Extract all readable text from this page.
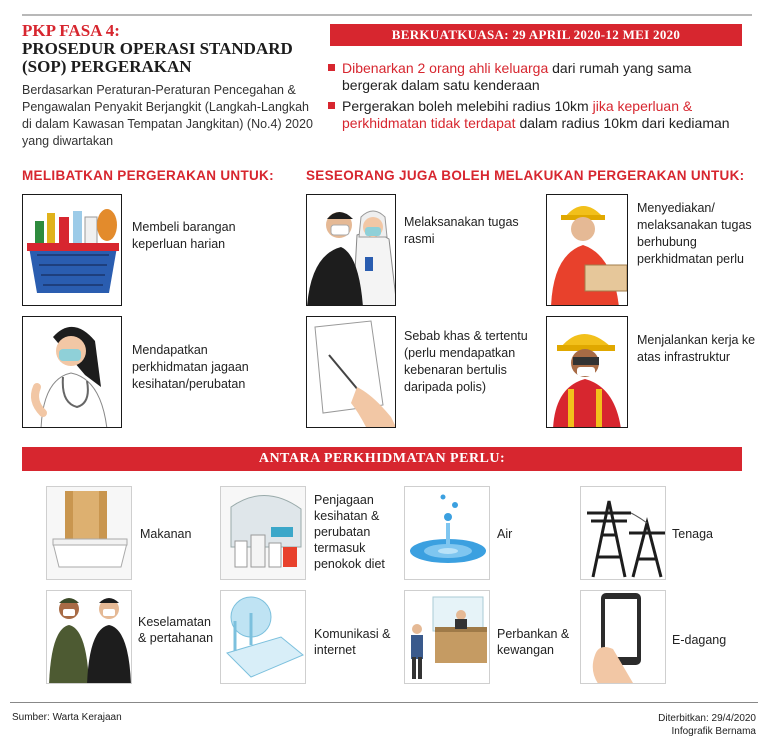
PKP FASA 4:
PROSEDUR OPERASI STANDARD
(SOP) PERGERAKAN
Berdasarkan Peraturan-Peraturan Pencegahan & Pengawalan Penyakit Berjangkit (Langkah-Langkah di dalam Kawasan Tempatan Jangkitan) (No.4) 2020 yang diwartakan
BERKUATKUASA: 29 APRIL 2020-12 MEI 2020
Dibenarkan 2 orang ahli keluarga dari rumah yang sama bergerak dalam satu kenderaan
Pergerakan boleh melebihi radius 10km jika keperluan & perkhidmatan tidak terdapat dalam radius 10km dari kediaman
MELIBATKAN PERGERAKAN UNTUK: SESEORANG JUGA BOLEH MELAKUKAN PERGERAKAN UNTUK:
Membeli barangan keperluan harian
Mendapatkan perkhidmatan jagaan kesihatan/perubatan
Melaksanakan tugas rasmi
Menyediakan/ melaksanakan tugas berhubung perkhidmatan perlu
Sebab khas & tertentu (perlu mendapatkan kebenaran bertulis daripada polis)
Menjalankan kerja ke atas infrastruktur
ANTARA PERKHIDMATAN PERLU:
Makanan
Penjagaan kesihatan & perubatan termasuk penokok diet
Air	Tenaga
Keselamatan & pertahanan	Komunikasi & internet
Perbankan & kewangan
E-dagang
Sumber: Warta Kerajaan	Diterbitkan: 29/4/2020
Infografik Bernama
